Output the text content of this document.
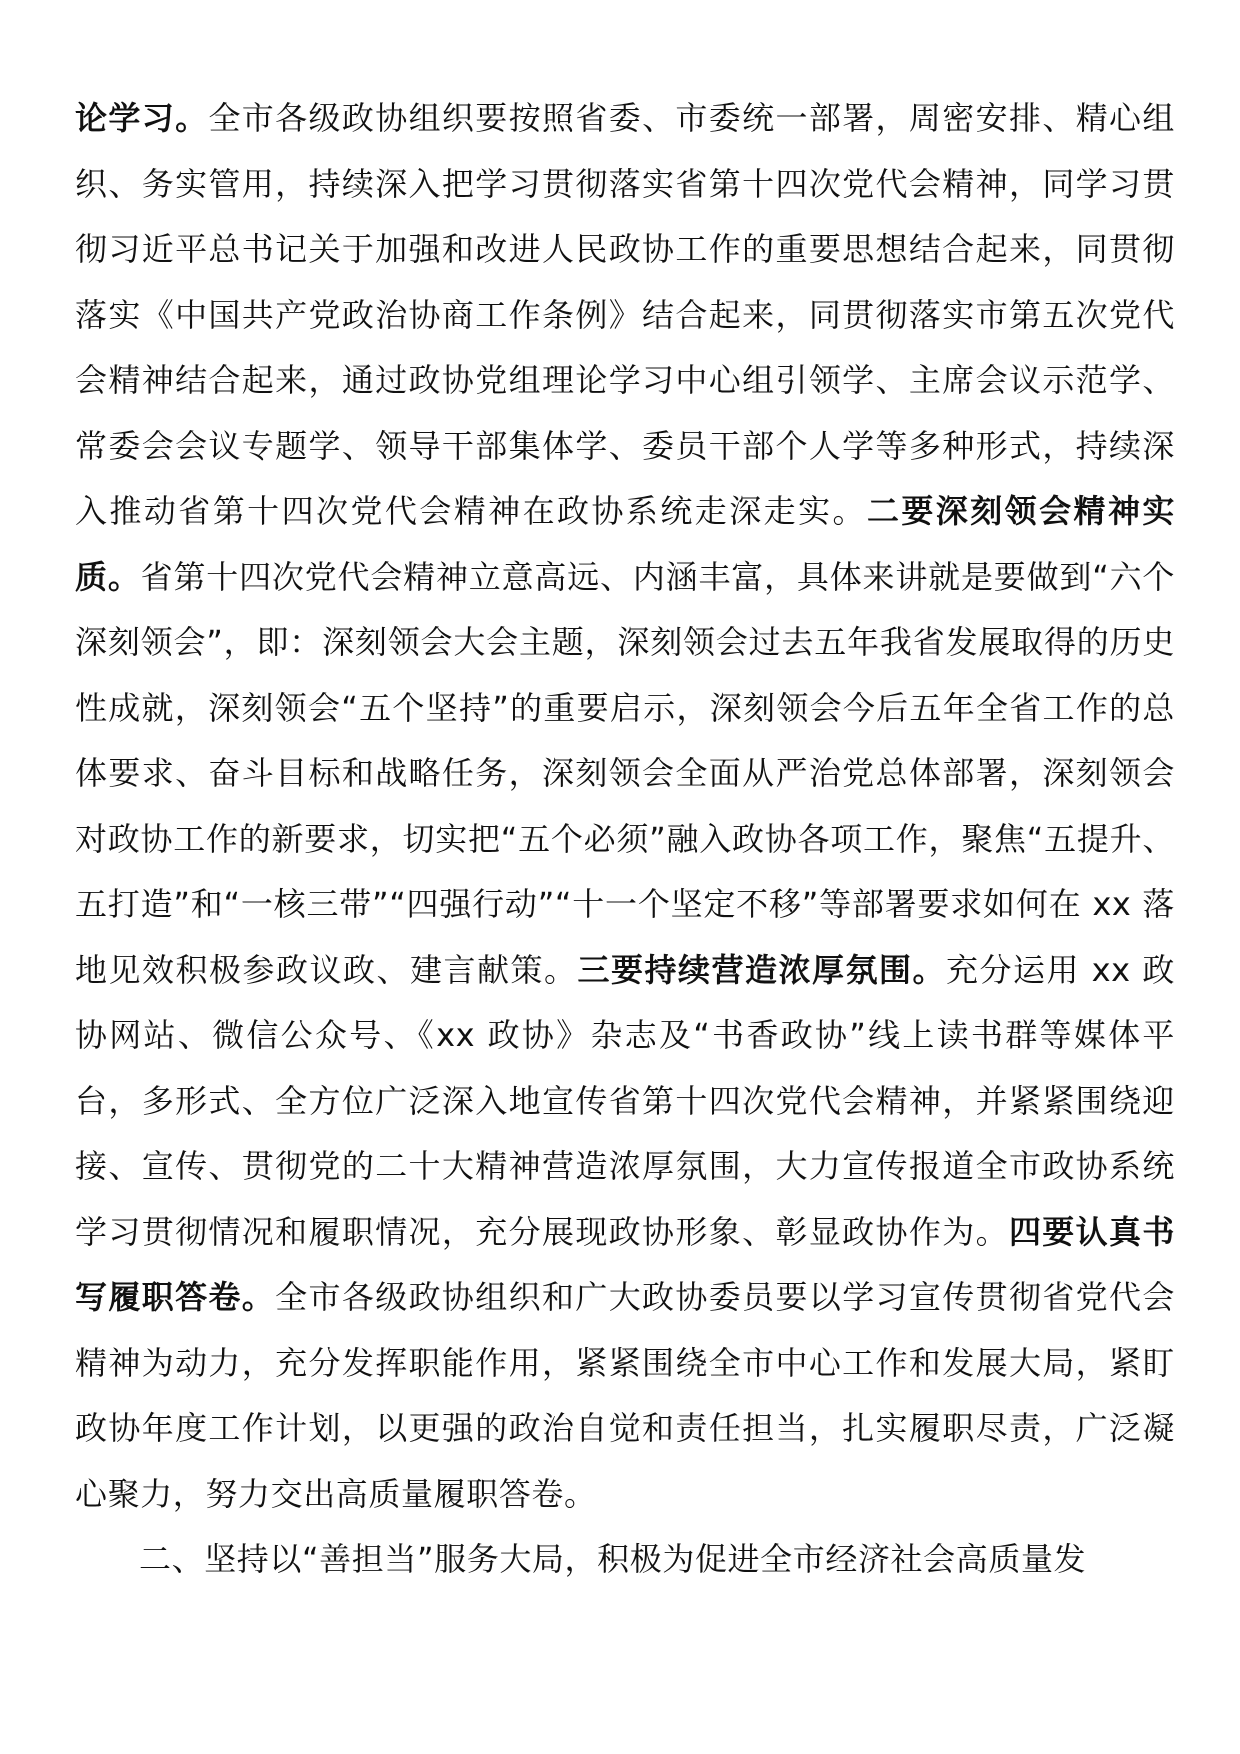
论学习。全市各级政协组织要按照省委、市委统一部署，周密安排、精心组织、务实管用，持续深入把学习贯彻落实省第十四次党代会精神，同学习贯彻习近平总书记关于加强和改进人民政协工作的重要思想结合起来，同贯彻落实《中国共产党政治协商工作条例》结合起来，同贯彻落实市第五次党代会精神结合起来，通过政协党组理论学习中心组引领学、主席会议示范学、常委会会议专题学、领导干部集体学、委员干部个人学等多种形式，持续深入推动省第十四次党代会精神在政协系统走深走实。二要深刻领会精神实质。省第十四次党代会精神立意高远、内涵丰富，具体来讲就是要做到“六个深刻领会”，即：深刻领会大会主题，深刻领会过去五年我省发展取得的历史性成就，深刻领会“五个坚持”的重要启示，深刻领会今后五年全省工作的总体要求、奋斗目标和战略任务，深刻领会全面从严治党总体部署，深刻领会对政协工作的新要求，切实把“五个必须”融入政协各项工作，聚焦“五提升、五打造”和“一核三带”“四强行动”“十一个坚定不移”等部署要求如何在 xx 落地见效积极参政议政、建言献策。三要持续营造浓厚氛围。充分运用 xx 政协网站、微信公众号、《xx 政协》杂志及“书香政协”线上读书群等媒体平台，多形式、全方位广泛深入地宣传省第十四次党代会精神，并紧紧围绕迎接、宣传、贯彻党的二十大精神营造浓厚氛围，大力宣传报道全市政协系统学习贯彻情况和履职情况，充分展现政协形象、彰显政协作为。四要认真书写履职答卷。全市各级政协组织和广大政协委员要以学习宣传贯彻省党代会精神为动力，充分发挥职能作用，紧紧围绕全市中心工作和发展大局，紧盯政协年度工作计划，以更强的政治自觉和责任担当，扎实履职尽责，广泛凝心聚力，努力交出高质量履职答卷。

二、坚持以“善担当”服务大局，积极为促进全市经济社会高质量发
